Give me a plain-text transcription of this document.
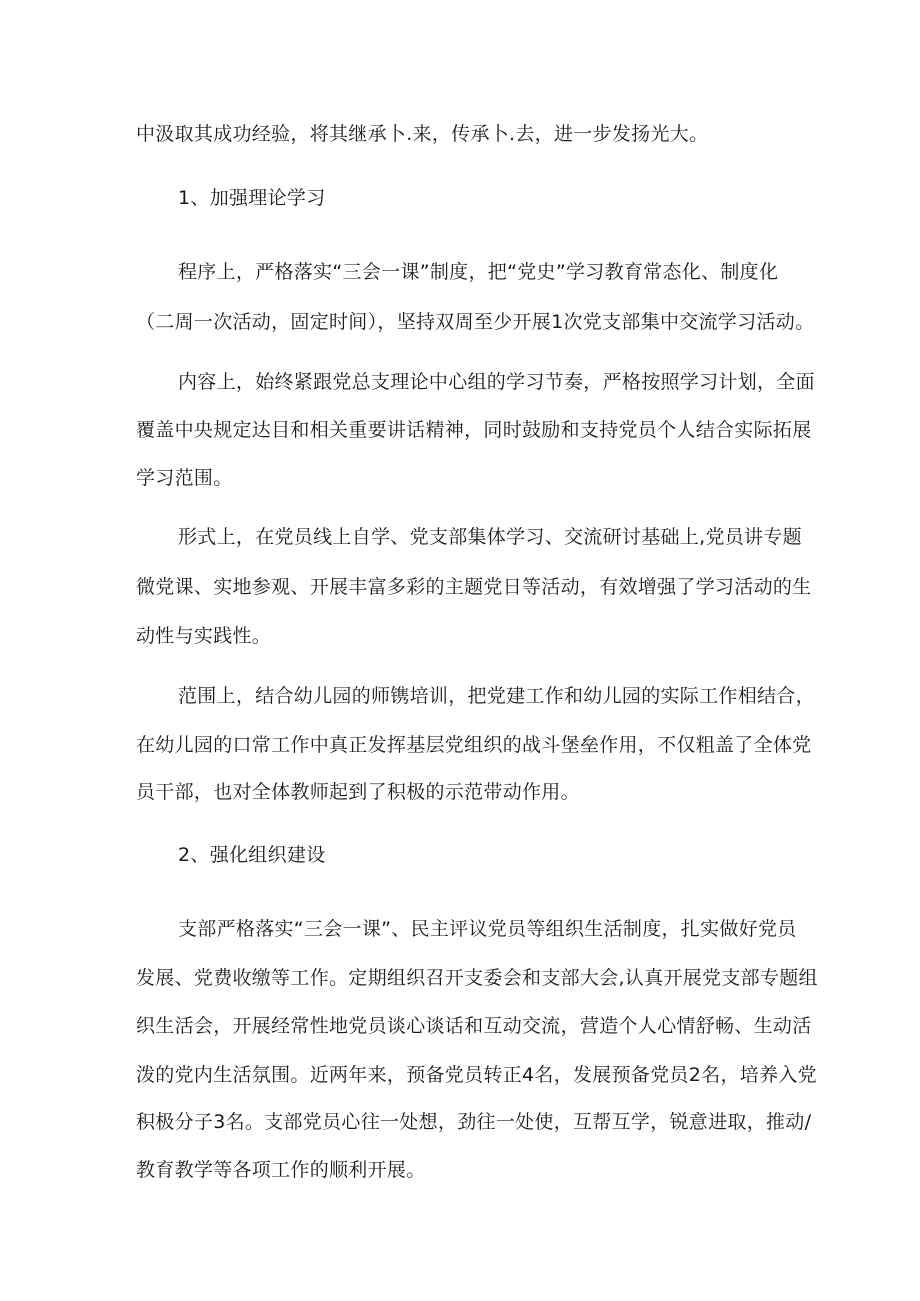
中汲取其成功经验，将其继承卜.来，传承卜.去，进一步发扬光大。
1、加强理论学习
程序上，严格落实“三会一课”制度，把“党史”学习教育常态化、制度化
（二周一次活动，固定时间），坚持双周至少开展1次党支部集中交流学习活动。
内容上，始终紧跟党总支理论中心组的学习节奏，严格按照学习计划，全面
覆盖中央规定达目和相关重要讲话精神，同时鼓励和支持党员个人结合实际拓展
学习范围。
形式上，在党员线上自学、党支部集体学习、交流研讨基础上,党员讲专题
微党课、实地参观、开展丰富多彩的主题党日等活动，有效增强了学习活动的生
动性与实践性。
范围上，结合幼儿园的师镌培训，把党建工作和幼儿园的实际工作相结合，
在幼儿园的口常工作中真正发挥基层党组织的战斗堡垒作用，不仅粗盖了全体党
员干部，也对全体教师起到了积极的示范带动作用。
2、强化组织建设
支部严格落实“三会一课”、民主评议党员等组织生活制度，扎实做好党员
发展、党费收缴等工作。定期组织召开支委会和支部大会,认真开展党支部专题组
织生活会，开展经常性地党员谈心谈话和互动交流，营造个人心情舒畅、生动活
泼的党内生活氛围。近两年来，预备党员转正4名，发展预备党员2名，培养入党
积极分子3名。支部党员心往一处想，劲往一处使，互帮互学，锐意进取，推动/
教育教学等各项工作的顺利开展。
